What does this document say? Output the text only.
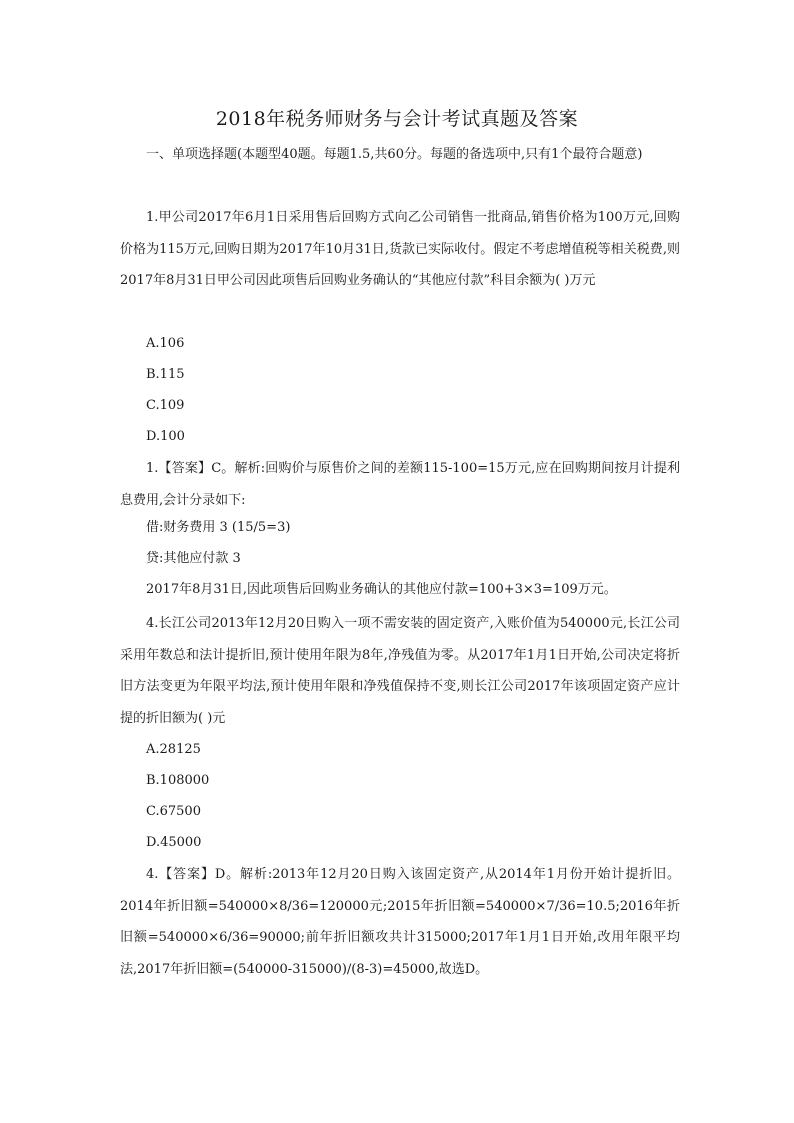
2018年税务师财务与会计考试真题及答案

一、单项选择题(本题型40题。每题1.5,共60分。每题的备选项中,只有1个最符合题意)

1.甲公司2017年6月1日采用售后回购方式向乙公司销售一批商品,销售价格为100万元,回购价格为115万元,回购日期为2017年10月31日,货款已实际收付。假定不考虑增值税等相关税费,则2017年8月31日甲公司因此项售后回购业务确认的“其他应付款”科目余额为( )万元

A.106

B.115

C.109

D.100

1.【答案】C。解析:回购价与原售价之间的差额115-100=15万元,应在回购期间按月计提利息费用,会计分录如下:

借:财务费用 3 (15/5=3)

贷:其他应付款 3

2017年8月31日,因此项售后回购业务确认的其他应付款=100+3×3=109万元。

4.长江公司2013年12月20日购入一项不需安装的固定资产,入账价值为540000元,长江公司采用年数总和法计提折旧,预计使用年限为8年,净残值为零。从2017年1月1日开始,公司决定将折旧方法变更为年限平均法,预计使用年限和净残值保持不变,则长江公司2017年该项固定资产应计提的折旧额为( )元

A.28125

B.108000

C.67500

D.45000

4.【答案】D。解析:2013年12月20日购入该固定资产,从2014年1月份开始计提折旧。2014年折旧额=540000×8/36=120000元;2015年折旧额=540000×7/36=10.5;2016年折旧额=540000×6/36=90000;前年折旧额攻共计315000;2017年1月1日开始,改用年限平均法,2017年折旧额=(540000-315000)/(8-3)=45000,故选D。
